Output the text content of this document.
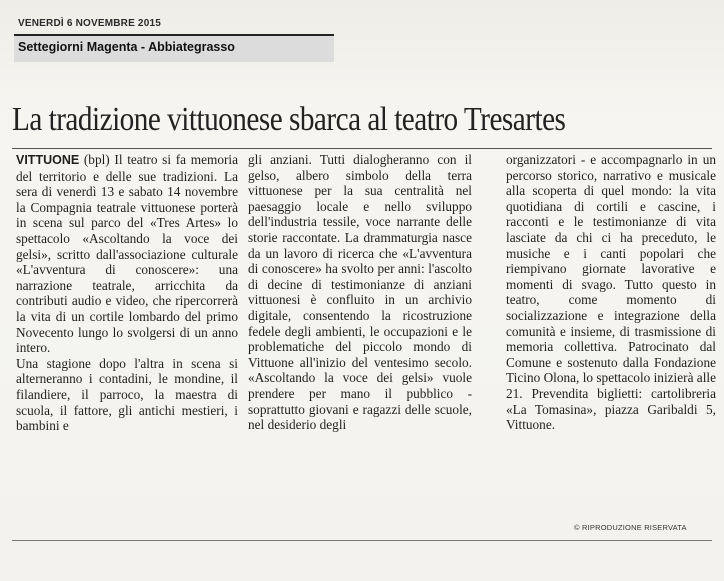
VENERDÌ 6 NOVEMBRE 2015
Settegiorni Magenta - Abbiategrasso
La tradizione vittuonese sbarca al teatro Tresartes
VITTUONE (bpl) Il teatro si fa memoria del territorio e delle sue tradizioni. La sera di venerdì 13 e sabato 14 novembre la Compagnia teatrale vittuonese porterà in scena sul parco del «Tres Artes» lo spettacolo «Ascoltando la voce dei gelsi», scritto dall'associazione culturale «L'avventura di conoscere»: una narrazione teatrale, arricchita da contributi audio e video, che ripercorrerà la vita di un cortile lombardo del primo Novecento lungo lo svolgersi di un anno intero.
Una stagione dopo l'altra in scena si alterneranno i contadini, le mondine, il filandiere, il parroco, la maestra di scuola, il fattore, gli antichi mestieri, i bambini e
gli anziani. Tutti dialogheranno con il gelso, albero simbolo della terra vittuonese per la sua centralità nel paesaggio locale e nello sviluppo dell'industria tessile, voce narrante delle storie raccontate. La drammaturgia nasce da un lavoro di ricerca che «L'avventura di conoscere» ha svolto per anni: l'ascolto di decine di testimonianze di anziani vittuonesi è confluito in un archivio digitale, consentendo la ricostruzione fedele degli ambienti, le occupazioni e le problematiche del piccolo mondo di Vittuone all'inizio del ventesimo secolo. «Ascoltando la voce dei gelsi» vuole prendere per mano il pubblico - soprattutto giovani e ragazzi delle scuole, nel desiderio degli
organizzatori - e accompagnarlo in un percorso storico, narrativo e musicale alla scoperta di quel mondo: la vita quotidiana di cortili e cascine, i racconti e le testimonianze di vita lasciate da chi ci ha preceduto, le musiche e i canti popolari che riempivano giornate lavorative e momenti di svago. Tutto questo in teatro, come momento di socializzazione e integrazione della comunità e insieme, di trasmissione di memoria collettiva. Patrocinato dal Comune e sostenuto dalla Fondazione Ticino Olona, lo spettacolo inizierà alle 21. Prevendita biglietti: cartolibreria «La Tomasina», piazza Garibaldi 5, Vittuone.
© RIPRODUZIONE RISERVATA
